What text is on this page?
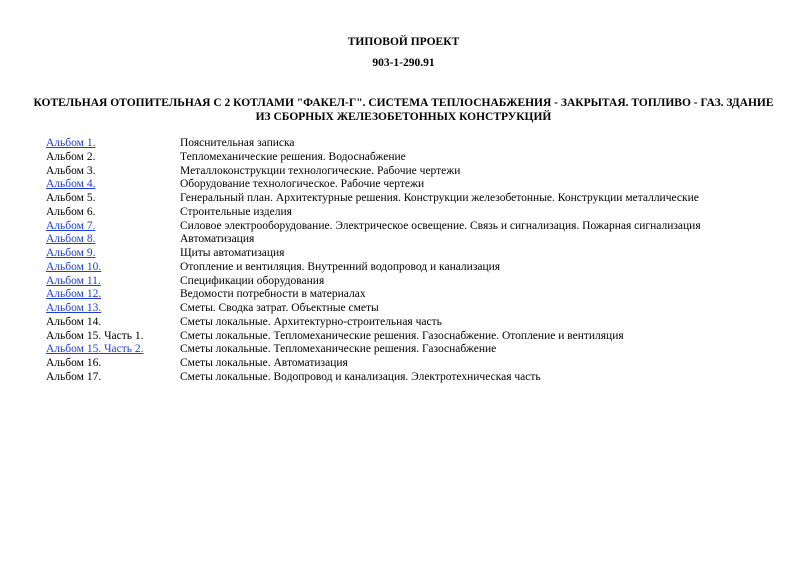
ТИПОВОЙ ПРОЕКТ
903-1-290.91
КОТЕЛЬНАЯ ОТОПИТЕЛЬНАЯ С 2 КОТЛАМИ "ФАКЕЛ-Г". СИСТЕМА ТЕПЛОСНАБЖЕНИЯ - ЗАКРЫТАЯ. ТОПЛИВО - ГАЗ. ЗДАНИЕ ИЗ СБОРНЫХ ЖЕЛЕЗОБЕТОННЫХ КОНСТРУКЦИЙ
Альбом 1.	Пояснительная записка
Альбом 2.	Тепломеханические решения. Водоснабжение
Альбом 3.	Металлоконструкции технологические. Рабочие чертежи
Альбом 4.	Оборудование технологическое. Рабочие чертежи
Альбом 5.	Генеральный план. Архитектурные решения. Конструкции железобетонные. Конструкции металлические
Альбом 6.	Строительные изделия
Альбом 7.	Силовое электрооборудование. Электрическое освещение. Связь и сигнализация. Пожарная сигнализация
Альбом 8.	Автоматизация
Альбом 9.	Щиты автоматизация
Альбом 10.	Отопление и вентиляция. Внутренний водопровод и канализация
Альбом 11.	Спецификации оборудования
Альбом 12.	Ведомости потребности в материалах
Альбом 13.	Сметы. Сводка затрат. Объектные сметы
Альбом 14.	Сметы локальные. Архитектурно-строительная часть
Альбом 15. Часть 1.	Сметы локальные. Тепломеханические решения. Газоснабжение. Отопление и вентиляция
Альбом 15. Часть 2.	Сметы локальные. Тепломеханические решения. Газоснабжение
Альбом 16.	Сметы локальные. Автоматизация
Альбом 17.	Сметы локальные. Водопровод и канализация. Электротехническая часть
